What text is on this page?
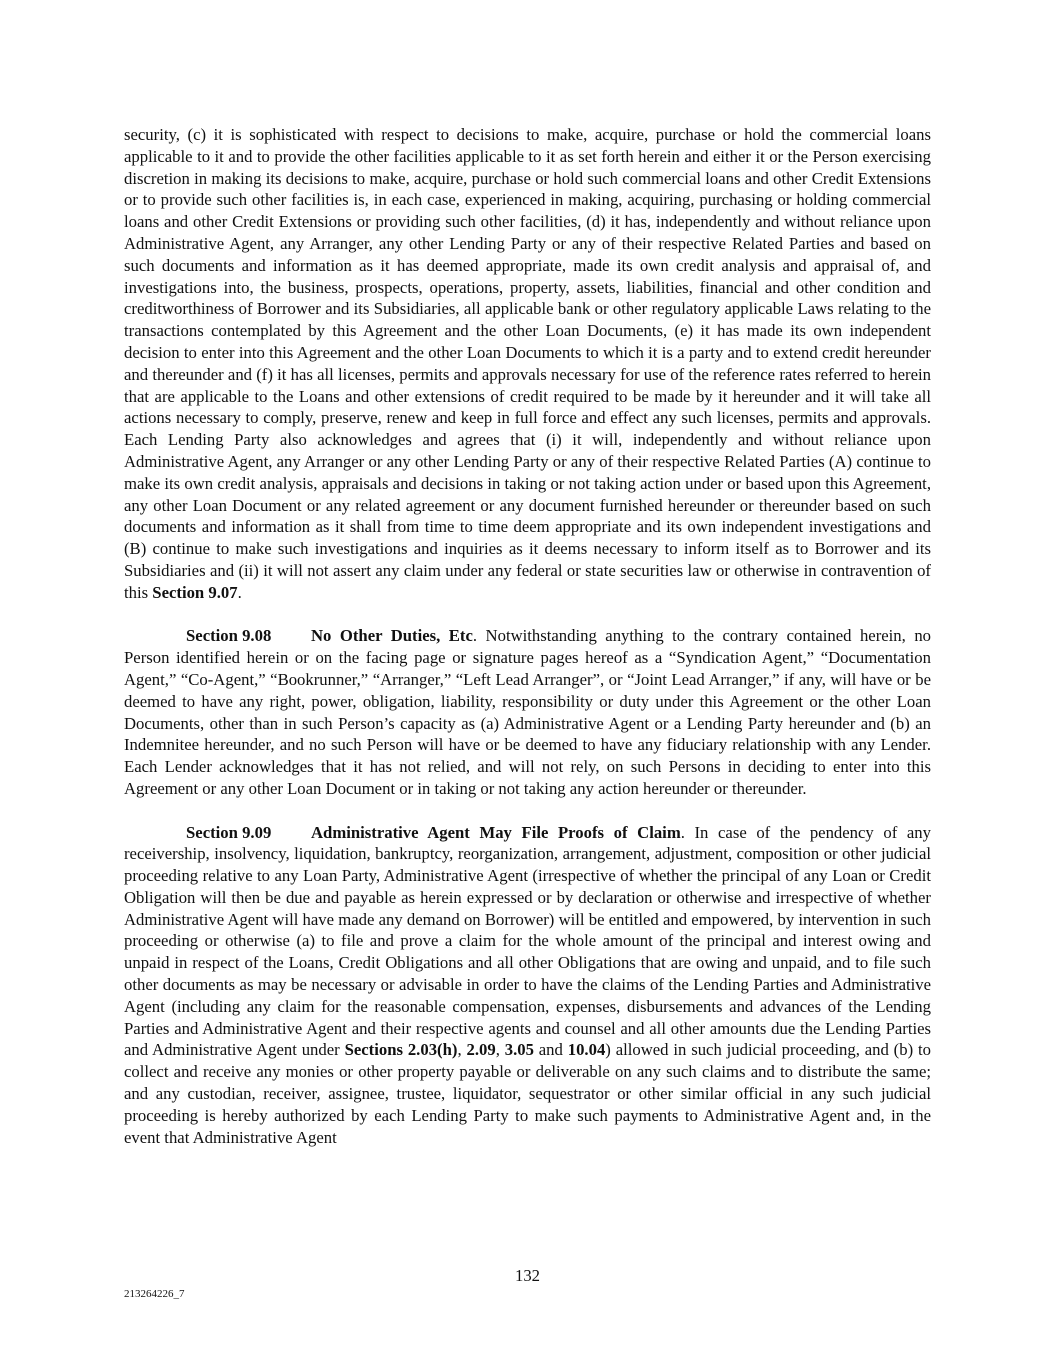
security, (c) it is sophisticated with respect to decisions to make, acquire, purchase or hold the commercial loans applicable to it and to provide the other facilities applicable to it as set forth herein and either it or the Person exercising discretion in making its decisions to make, acquire, purchase or hold such commercial loans and other Credit Extensions or to provide such other facilities is, in each case, experienced in making, acquiring, purchasing or holding commercial loans and other Credit Extensions or providing such other facilities, (d) it has, independently and without reliance upon Administrative Agent, any Arranger, any other Lending Party or any of their respective Related Parties and based on such documents and information as it has deemed appropriate, made its own credit analysis and appraisal of, and investigations into, the business, prospects, operations, property, assets, liabilities, financial and other condition and creditworthiness of Borrower and its Subsidiaries, all applicable bank or other regulatory applicable Laws relating to the transactions contemplated by this Agreement and the other Loan Documents, (e) it has made its own independent decision to enter into this Agreement and the other Loan Documents to which it is a party and to extend credit hereunder and thereunder and (f) it has all licenses, permits and approvals necessary for use of the reference rates referred to herein that are applicable to the Loans and other extensions of credit required to be made by it hereunder and it will take all actions necessary to comply, preserve, renew and keep in full force and effect any such licenses, permits and approvals. Each Lending Party also acknowledges and agrees that (i) it will, independently and without reliance upon Administrative Agent, any Arranger or any other Lending Party or any of their respective Related Parties (A) continue to make its own credit analysis, appraisals and decisions in taking or not taking action under or based upon this Agreement, any other Loan Document or any related agreement or any document furnished hereunder or thereunder based on such documents and information as it shall from time to time deem appropriate and its own independent investigations and (B) continue to make such investigations and inquiries as it deems necessary to inform itself as to Borrower and its Subsidiaries and (ii) it will not assert any claim under any federal or state securities law or otherwise in contravention of this Section 9.07.

Section 9.08 No Other Duties, Etc. Notwithstanding anything to the contrary contained herein, no Person identified herein or on the facing page or signature pages hereof as a “Syndication Agent,” “Documentation Agent,” “Co-Agent,” “Bookrunner,” “Arranger,” “Left Lead Arranger”, or “Joint Lead Arranger,” if any, will have or be deemed to have any right, power, obligation, liability, responsibility or duty under this Agreement or the other Loan Documents, other than in such Person’s capacity as (a) Administrative Agent or a Lending Party hereunder and (b) an Indemnitee hereunder, and no such Person will have or be deemed to have any fiduciary relationship with any Lender. Each Lender acknowledges that it has not relied, and will not rely, on such Persons in deciding to enter into this Agreement or any other Loan Document or in taking or not taking any action hereunder or thereunder.

Section 9.09 Administrative Agent May File Proofs of Claim. In case of the pendency of any receivership, insolvency, liquidation, bankruptcy, reorganization, arrangement, adjustment, composition or other judicial proceeding relative to any Loan Party, Administrative Agent (irrespective of whether the principal of any Loan or Credit Obligation will then be due and payable as herein expressed or by declaration or otherwise and irrespective of whether Administrative Agent will have made any demand on Borrower) will be entitled and empowered, by intervention in such proceeding or otherwise (a) to file and prove a claim for the whole amount of the principal and interest owing and unpaid in respect of the Loans, Credit Obligations and all other Obligations that are owing and unpaid, and to file such other documents as may be necessary or advisable in order to have the claims of the Lending Parties and Administrative Agent (including any claim for the reasonable compensation, expenses, disbursements and advances of the Lending Parties and Administrative Agent and their respective agents and counsel and all other amounts due the Lending Parties and Administrative Agent under Sections 2.03(h), 2.09, 3.05 and 10.04) allowed in such judicial proceeding, and (b) to collect and receive any monies or other property payable or deliverable on any such claims and to distribute the same; and any custodian, receiver, assignee, trustee, liquidator, sequestrator or other similar official in any such judicial proceeding is hereby authorized by each Lending Party to make such payments to Administrative Agent and, in the event that Administrative Agent

132
213264226_7
